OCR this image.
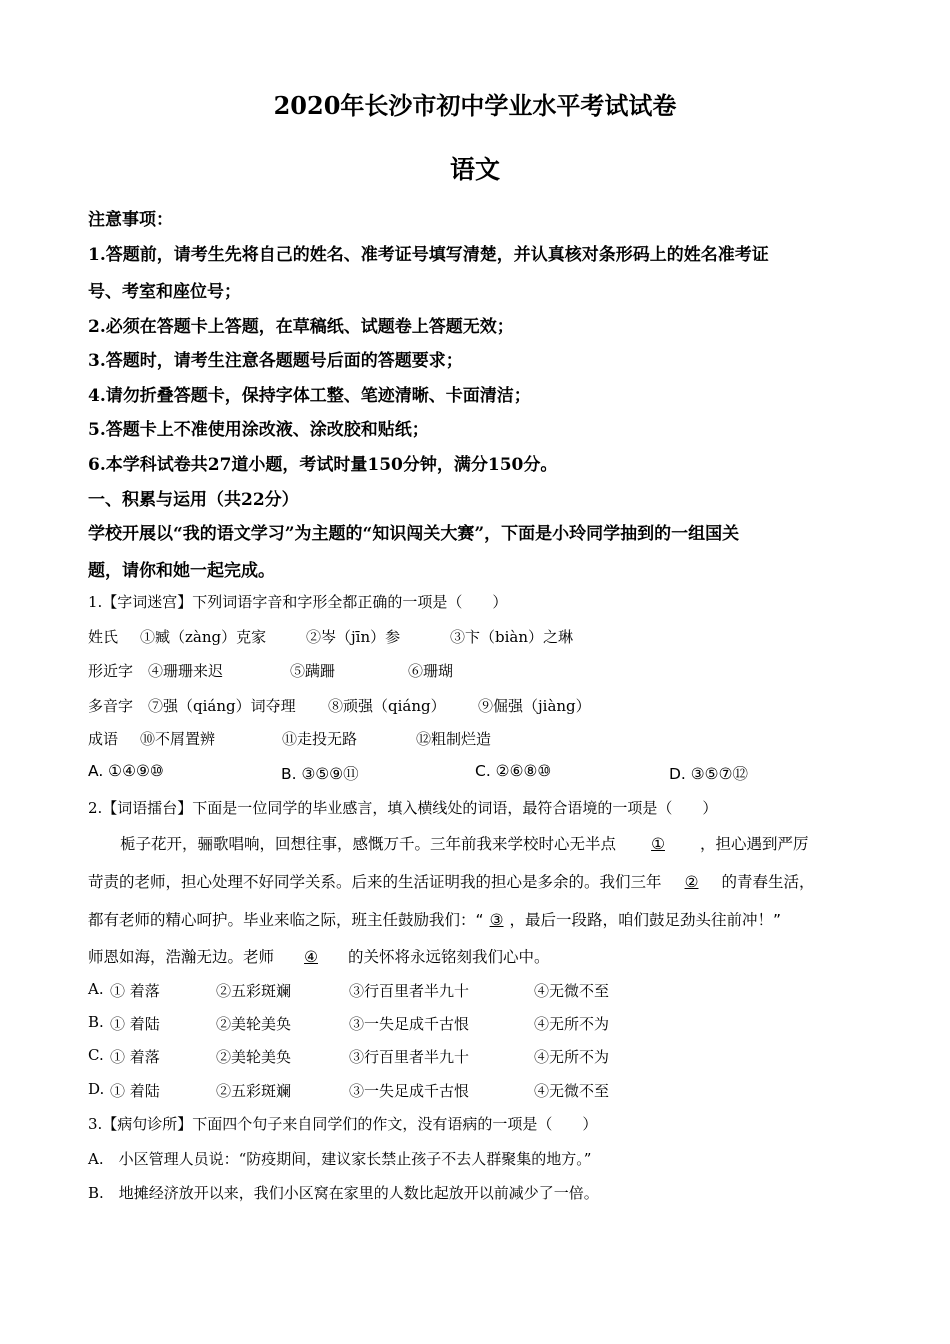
2020年长沙市初中学业水平考试试卷
语文
注意事项：
1.答题前，请考生先将自己的姓名、准考证号填写清楚，并认真核对条形码上的姓名准考证
号、考室和座位号；
2.必须在答题卡上答题，在草稿纸、试题卷上答题无效；
3.答题时，请考生注意各题题号后面的答题要求；
4.请勿折叠答题卡，保持字体工整、笔迹清晰、卡面清洁；
5.答题卡上不准使用涂改液、涂改胶和贴纸；
6.本学科试卷共27道小题，考试时量150分钟，满分150分。
一、积累与运用（共22分）
学校开展以“我的语文学习”为主题的“知识闯关大赛”，下面是小玲同学抽到的一组国关
题，请你和她一起完成。
1.【字词迷宫】下列词语字音和字形全都正确的一项是（　　）
姓氏 ①臧（zàng）克家	②岑（jīn）参	③卞（biàn）之琳
形近字 ④珊珊来迟	⑤蹒跚	⑥珊瑚
多音字 ⑦强（qiáng）词夺理 ⑧顽强（qiáng） ⑨倔强（jiàng）
成语 ⑩不屑置辨	⑪走投无路	⑫粗制烂造
A. ①④⑨⑩	B. ③⑤⑨⑪	C. ②⑥⑧⑩	D. ③⑤⑦⑫
2.【词语擂台】下面是一位同学的毕业感言，填入横线处的词语，最符合语境的一项是（　　）
栀子花开，骊歌唱响，回想往事，感慨万千。三年前我来学校时心无半点 ① ，担心遇到严厉
苛责的老师，担心处理不好同学关系。后来的生活证明我的担心是多余的。我们三年 ② 的青春生活，
都有老师的精心呵护。毕业来临之际，班主任鼓励我们：“ ③ ，最后一段路，咱们鼓足劲头往前冲！”
师恩如海，浩瀚无边。老师 ④ 的关怀将永远铭刻我们心中。
A. ① 着落	②五彩斑斓	③行百里者半九十	④无微不至
B. ① 着陆	②美轮美奂	③一失足成千古恨	④无所不为
C. ① 着落	②美轮美奂	③行百里者半九十	④无所不为
D. ① 着陆	②五彩斑斓	③一失足成千古恨	④无微不至
3.【病句诊所】下面四个句子来自同学们的作文，没有语病的一项是（　　）
A.　小区管理人员说：“防疫期间，建议家长禁止孩子不去人群聚集的地方。”
B.　地摊经济放开以来，我们小区窝在家里的人数比起放开以前减少了一倍。
